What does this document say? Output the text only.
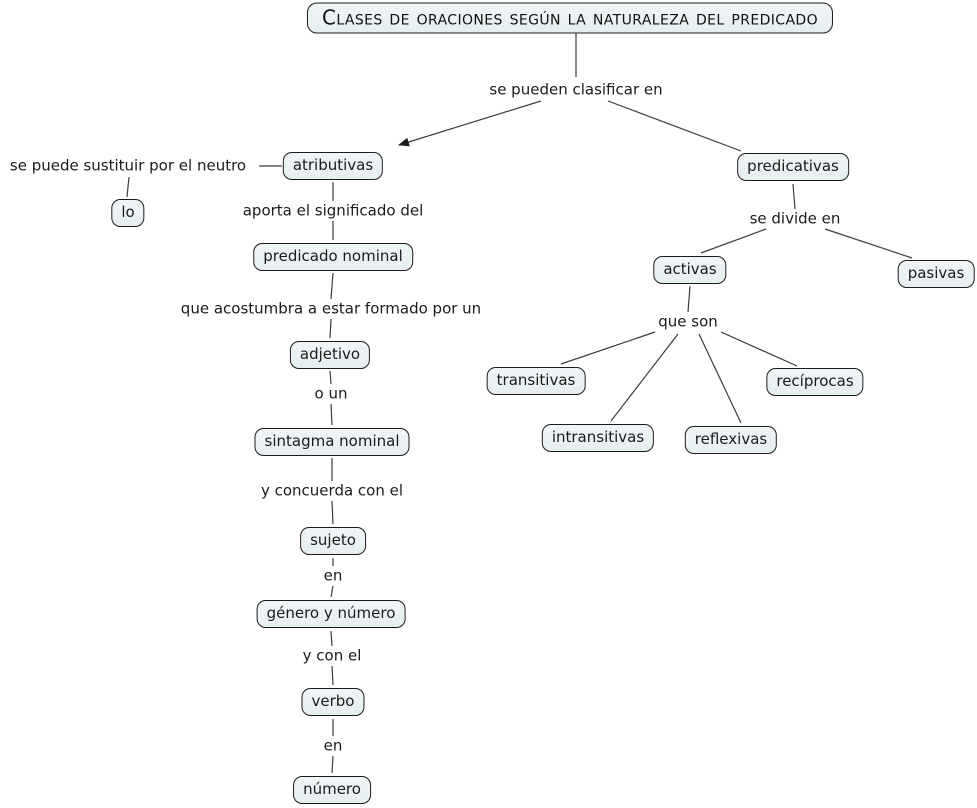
Clases de oraciones según la naturaleza del predicado
se pueden clasificar en
se puede sustituir por el neutro
aporta el significado del
que acostumbra a estar formado por un
o un
y concuerda con el
en
y con el
en
se divide en
que son
atributivas
lo
predicado nominal
adjetivo
sintagma nominal
sujeto
género y número
verbo
número
predicativas
activas	pasivas
transitivas
intransitivas	reflexivas
recíprocas
